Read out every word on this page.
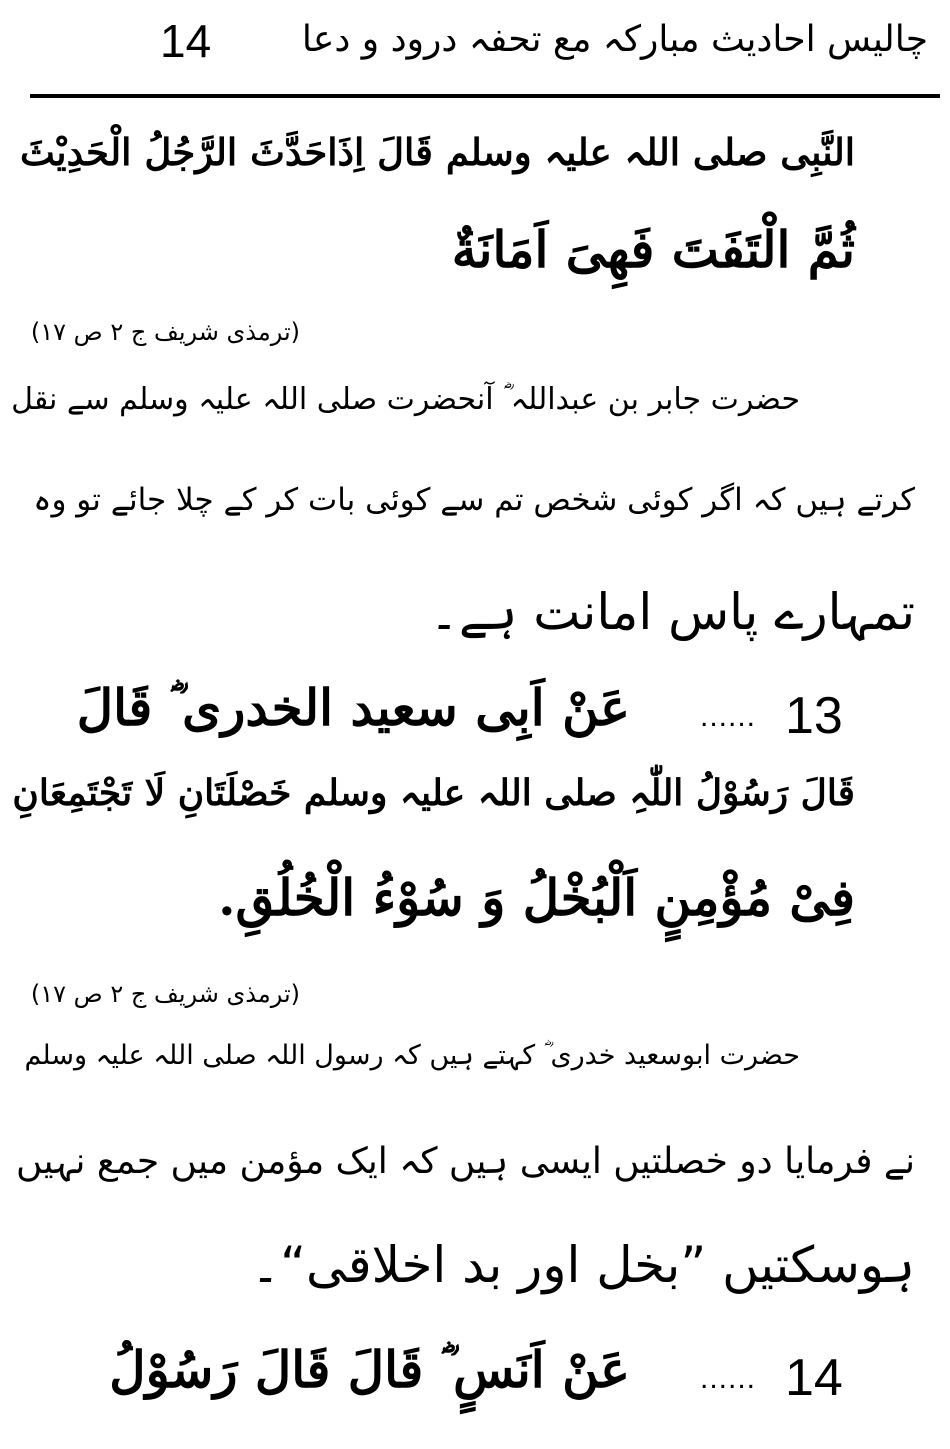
14	چالیس احادیث مبارکہ مع تحفہ درود و دعا
النَّبِی صلی اللہ علیہ وسلم قَالَ اِذَاحَدَّثَ الرَّجُلُ الْحَدِیْثَ
ثُمَّ الْتَفَتَ فَهِیَ اَمَانَةٌ
(ترمذی شریف ج ۲ ص ۱۷)
حضرت جابر بن عبداللہ ؓ آنحضرت صلی اللہ علیہ وسلم سے نقل
کرتے ہیں کہ اگر کوئی شخص تم سے کوئی بات کر کے چلا جائے تو وہ
تمہارے پاس امانت ہے۔
13
......
عَنْ اَبِی سعید الخدری ؓ قَالَ
قَالَ رَسُوْلُ اللّٰہِ صلی اللہ علیہ وسلم خَصْلَتَانِ لَا تَجْتَمِعَانِ
فِیْ مُؤْمِنٍ اَلْبُخْلُ وَ سُوْءُ الْخُلُقِ.
(ترمذی شریف ج ۲ ص ۱۷)
حضرت ابوسعید خدری ؓ کہتے ہیں کہ رسول اللہ صلی اللہ علیہ وسلم
نے فرمایا دو خصلتیں ایسی ہیں کہ ایک مؤمن میں جمع نہیں
ہوسکتیں ”بخل اور بد اخلاقی“۔
14
......
عَنْ اَنَسٍ ؓ قَالَ قَالَ رَسُوْلُ
